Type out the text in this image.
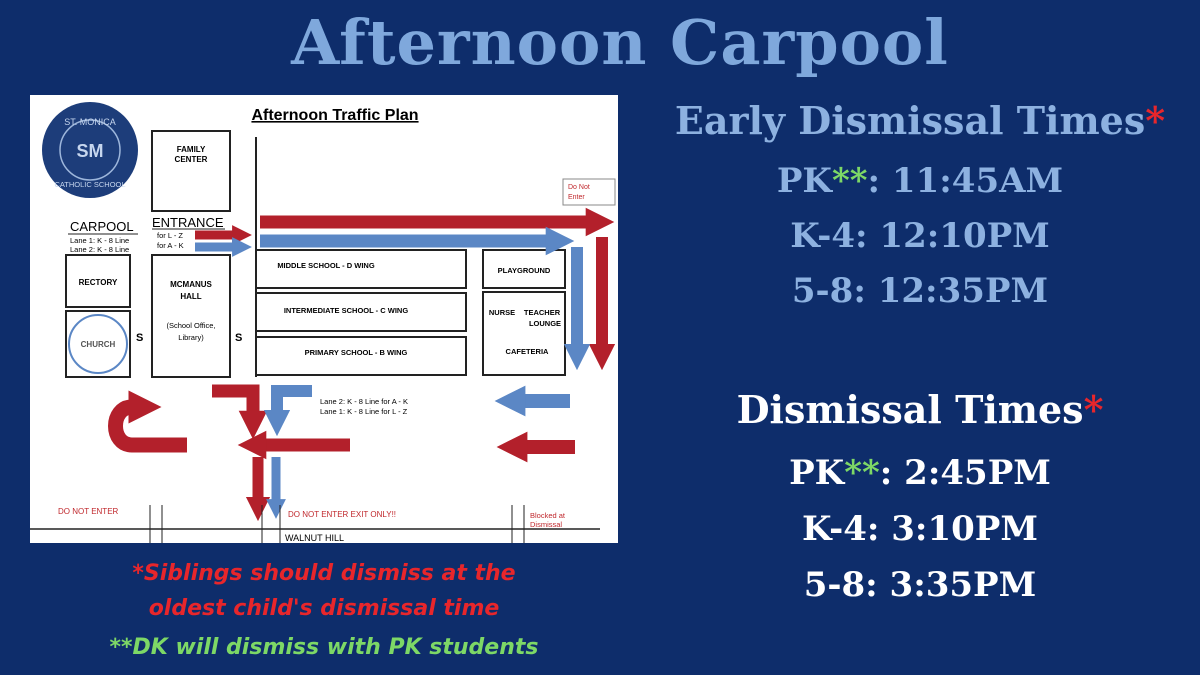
Afternoon Carpool
Afternoon Traffic Plan
ST. MONICA
SM
CATHOLIC SCHOOL
FAMILY
CENTER
CARPOOL
Lane 1: K - 8 Line
Lane 2: K - 8 Line
ENTRANCE
for L - Z
for A - K
RECTORY
CHURCH
S
MCMANUS
HALL
(School Office,
Library)	S
MIDDLE SCHOOL - D WING
INTERMEDIATE SCHOOL - C WING
PRIMARY SCHOOL - B WING
PLAYGROUND
NURSE TEACHER
LOUNGE
CAFETERIA
Do Not
Enter
Lane 2: K - 8 Line for A - K
Lane 1: K - 8 Line for L - Z
DO NOT ENTER	DO NOT ENTER EXIT ONLY!!	Blocked at
Dismissal
WALNUT HILL
Early Dismissal Times*
PK**: 11:45AM
K-4: 12:10PM
5-8: 12:35PM
Dismissal Times*
PK**: 2:45PM
K-4: 3:10PM
5-8: 3:35PM
*Siblings should dismiss at the
oldest child's dismissal time
**DK will dismiss with PK students
